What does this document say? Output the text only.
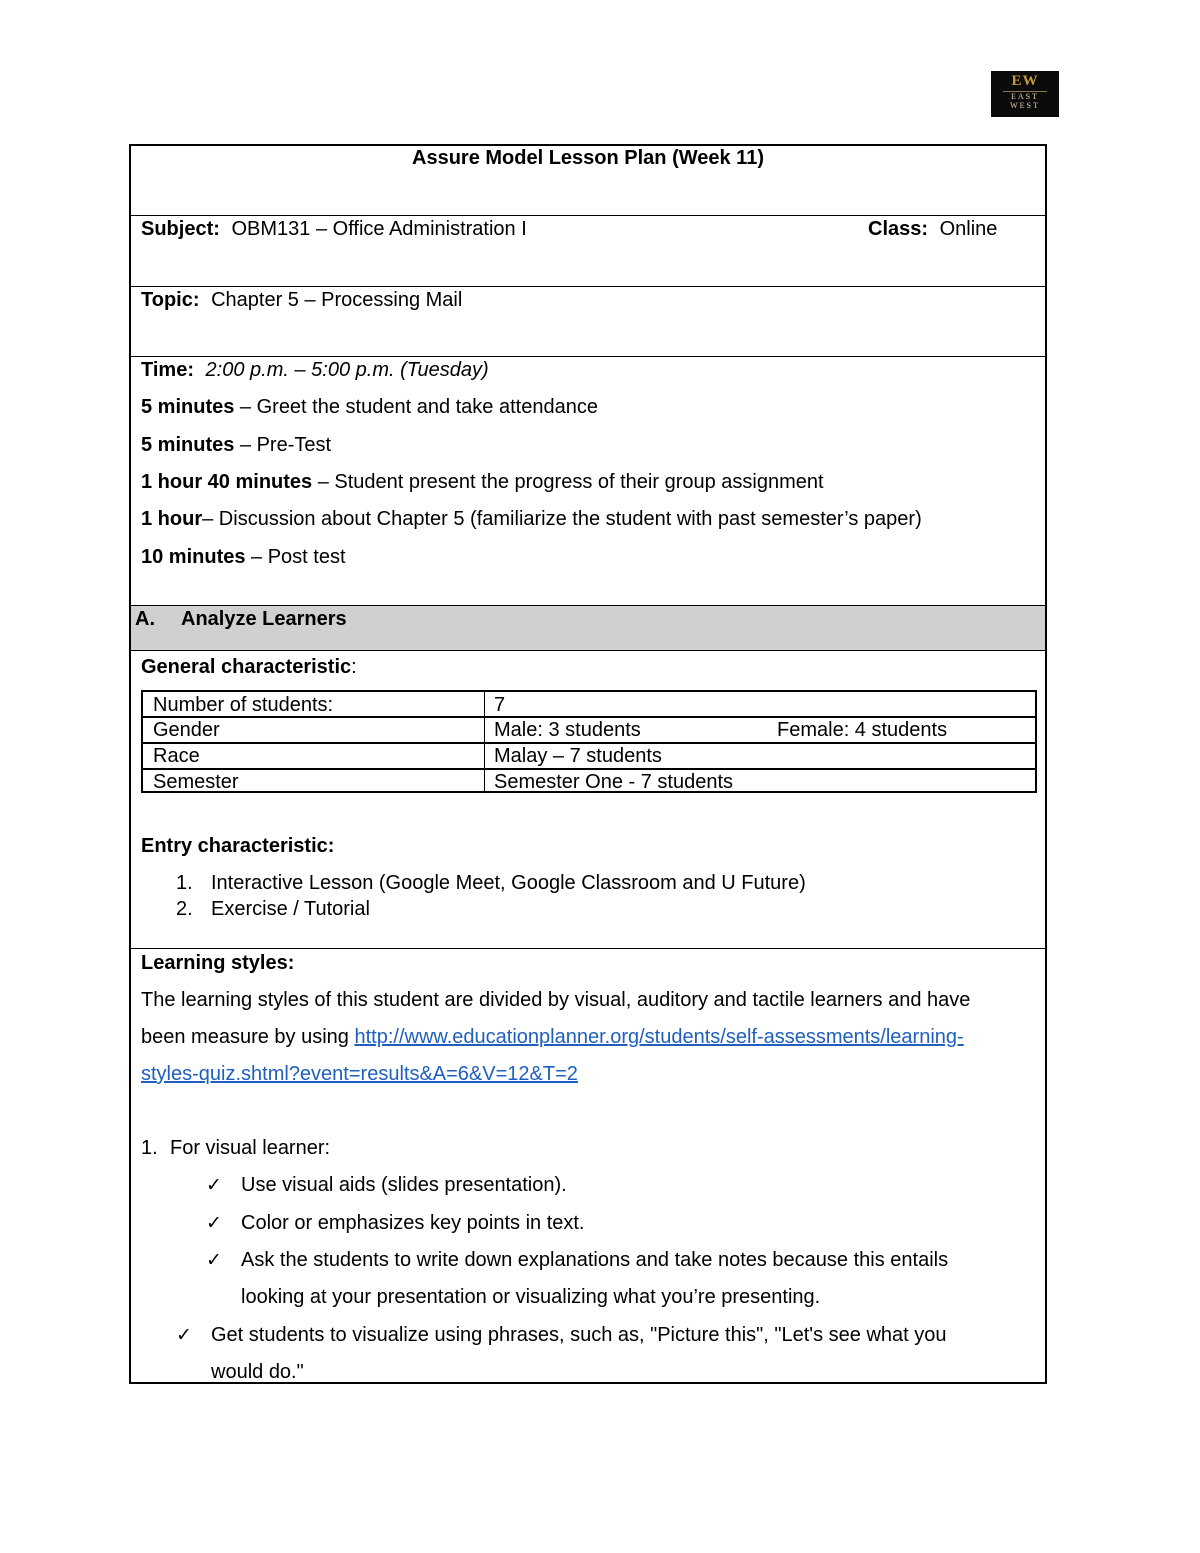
EW
EAST
WEST
Assure Model Lesson Plan (Week 11)
Subject: OBM131 – Office Administration I	Class: Online
Topic: Chapter 5 – Processing Mail
Time: 2:00 p.m. – 5:00 p.m. (Tuesday)
5 minutes – Greet the student and take attendance
5 minutes – Pre-Test
1 hour 40 minutes – Student present the progress of their group assignment
1 hour– Discussion about Chapter 5 (familiarize the student with past semester’s paper)
10 minutes – Post test
A. Analyze Learners
General characteristic:
Number of students:	7
Gender	Male: 3 students	Female: 4 students
Race	Malay – 7 students
Semester	Semester One - 7 students
Entry characteristic:
1. Interactive Lesson (Google Meet, Google Classroom and U Future)
2. Exercise / Tutorial
Learning styles:
The learning styles of this student are divided by visual, auditory and tactile learners and have
been measure by using http://www.educationplanner.org/students/self-assessments/learning-
styles-quiz.shtml?event=results&A=6&V=12&T=2
1. For visual learner:
✓ Use visual aids (slides presentation).
✓ Color or emphasizes key points in text.
✓ Ask the students to write down explanations and take notes because this entails
looking at your presentation or visualizing what you’re presenting.
✓ Get students to visualize using phrases, such as, "Picture this", "Let's see what you
would do."
